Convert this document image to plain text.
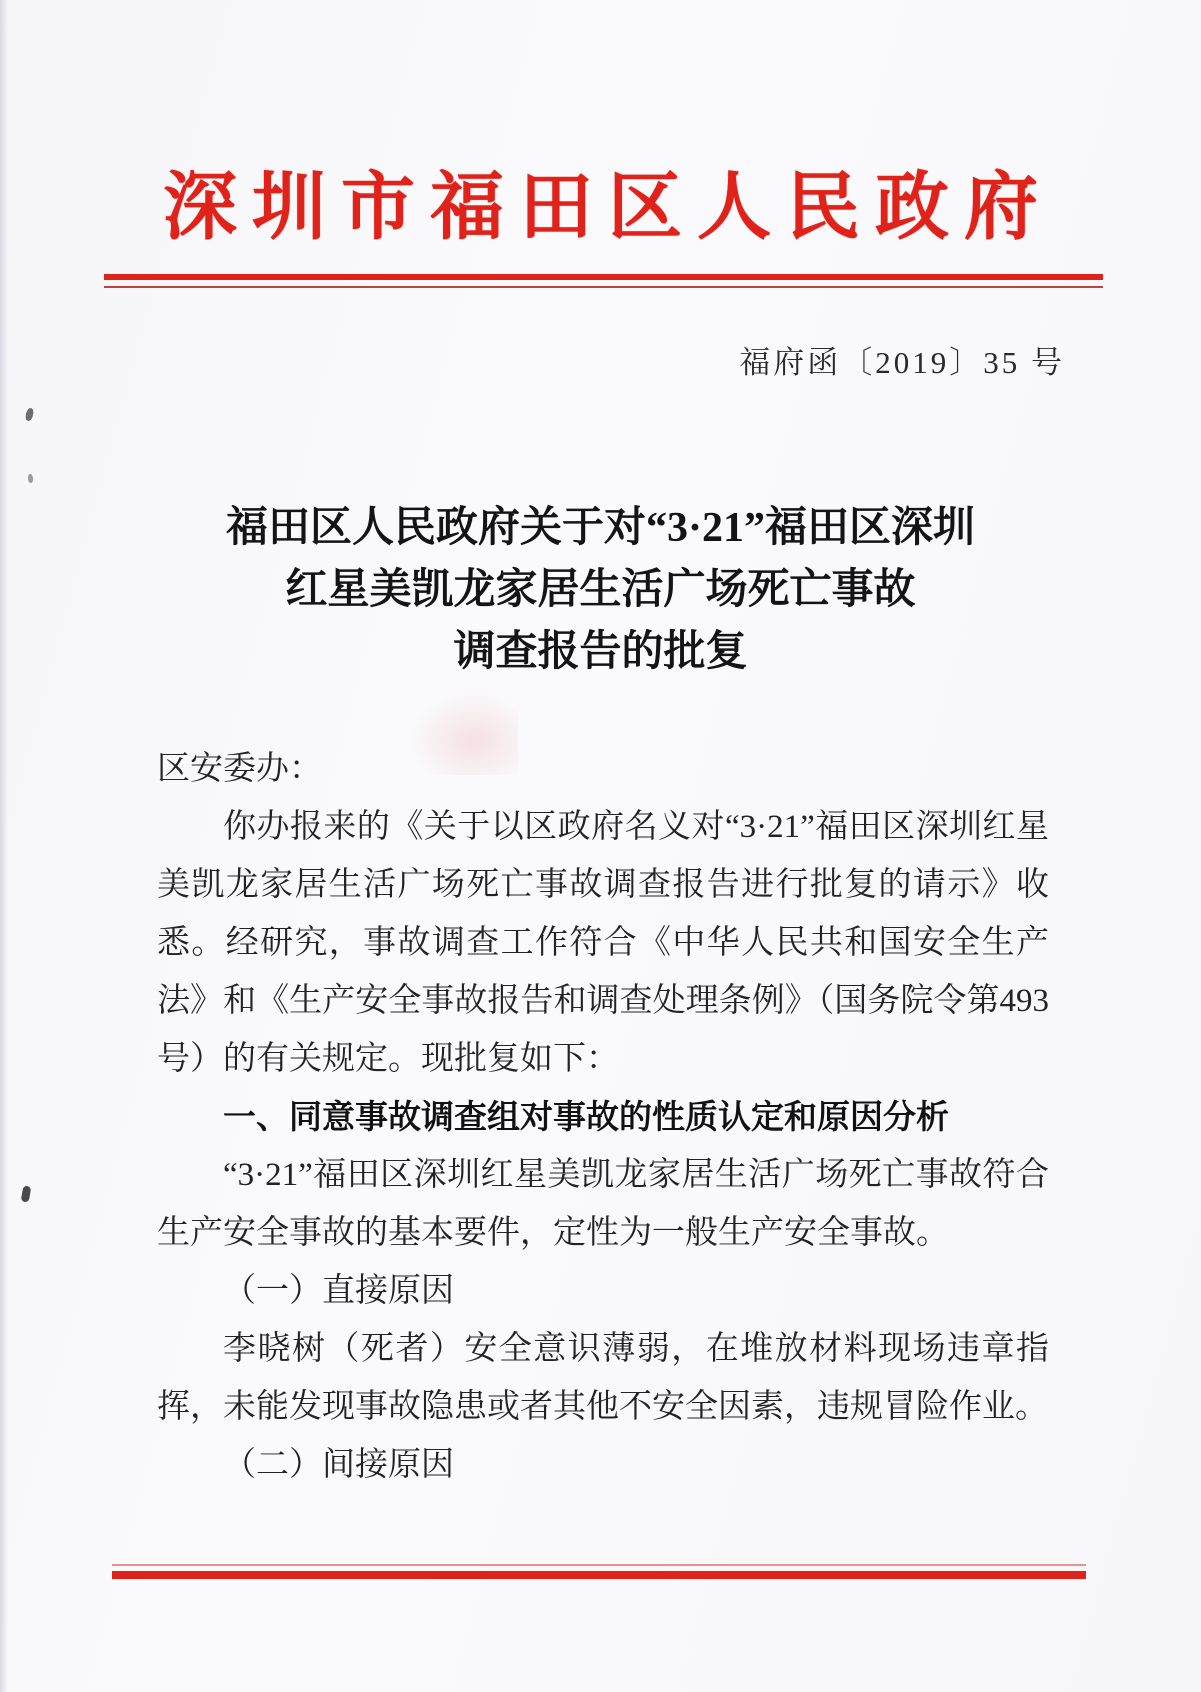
深圳市福田区人民政府
福府函〔2019〕35 号
福田区人民政府关于对“3·21”福田区深圳
红星美凯龙家居生活广场死亡事故
调查报告的批复

区安委办：

你办报来的《关于以区政府名义对“3·21”福田区深圳红星美凯龙家居生活广场死亡事故调查报告进行批复的请示》收悉。经研究，事故调查工作符合《中华人民共和国安全生产法》和《生产安全事故报告和调查处理条例》（国务院令第493号）的有关规定。现批复如下：

一、同意事故调查组对事故的性质认定和原因分析

“3·21”福田区深圳红星美凯龙家居生活广场死亡事故符合生产安全事故的基本要件，定性为一般生产安全事故。

（一）直接原因

李晓树（死者）安全意识薄弱，在堆放材料现场违章指挥，未能发现事故隐患或者其他不安全因素，违规冒险作业。

（二）间接原因
